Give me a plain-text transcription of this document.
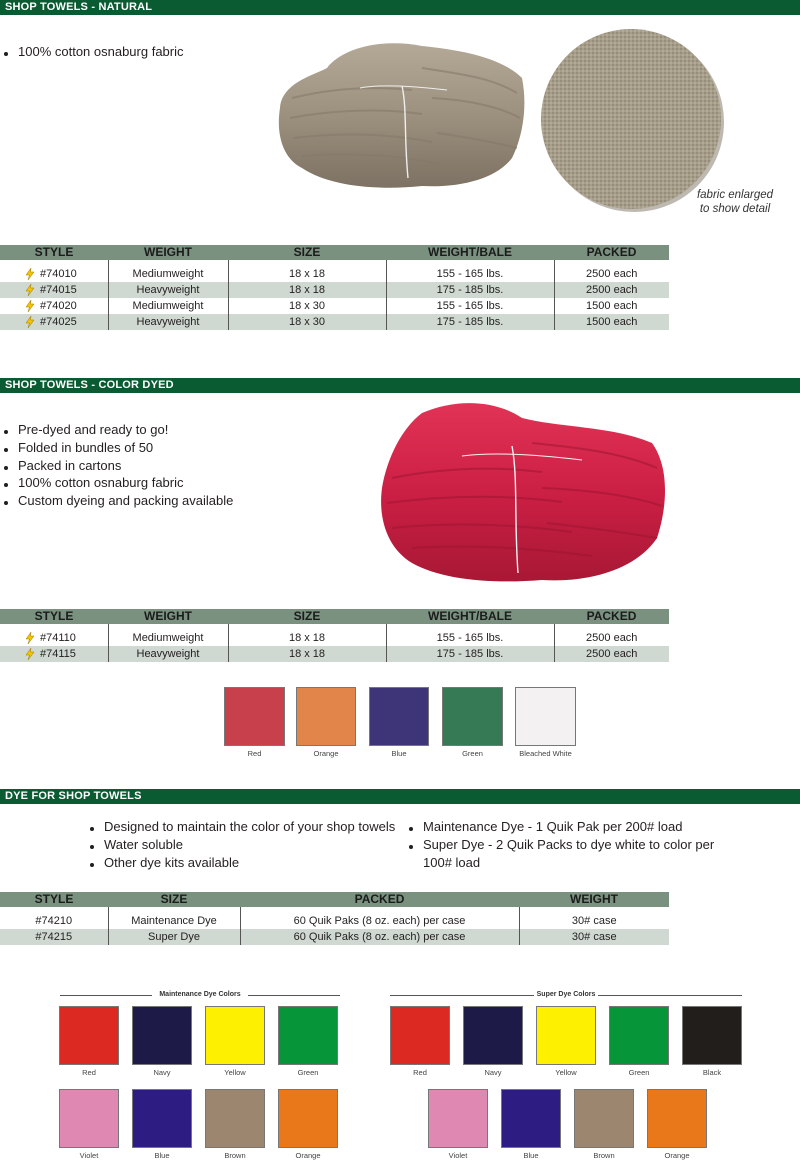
SHOP TOWELS - NATURAL
100% cotton osnaburg fabric
fabric enlarged
to show detail
STYLE	WEIGHT	SIZE	WEIGHT/BALE	PACKED

#74010	Mediumweight	18 x 18	155 - 165 lbs.	2500 each

#74015	Heavyweight	18 x 18	175 - 185 lbs.	2500 each

#74020	Mediumweight	18 x 30	155 - 165 lbs.	1500 each

#74025	Heavyweight	18 x 30	175 - 185 lbs.	1500 each
SHOP TOWELS - COLOR DYED
Pre-dyed and ready to go!
Folded in bundles of 50
Packed in cartons
100% cotton osnaburg fabric
Custom dyeing and packing available
STYLE	WEIGHT	SIZE	WEIGHT/BALE	PACKED

#74110	Mediumweight	18 x 18	155 - 165 lbs.	2500 each

#74115	Heavyweight	18 x 18	175 - 185 lbs.	2500 each
Red	Orange	Blue	Green	Bleached White
DYE FOR SHOP TOWELS
Designed to maintain the color of your shop towels
Water soluble
Other dye kits available
Maintenance Dye - 1 Quik Pak per 200# load
Super Dye - 2 Quik Packs to dye white to color per 100# load
STYLE	SIZE	PACKED	WEIGHT

#74210	Maintenance Dye	60 Quik Paks (8 oz. each) per case	30# case
#74215	Super Dye	60 Quik Paks (8 oz. each) per case	30# case
Maintenance Dye Colors
Red	Navy	Yellow	Green
Violet	Blue	Brown	Orange
Super Dye Colors
Red	Navy	Yellow	Green	Black
Violet	Blue	Brown	Orange
